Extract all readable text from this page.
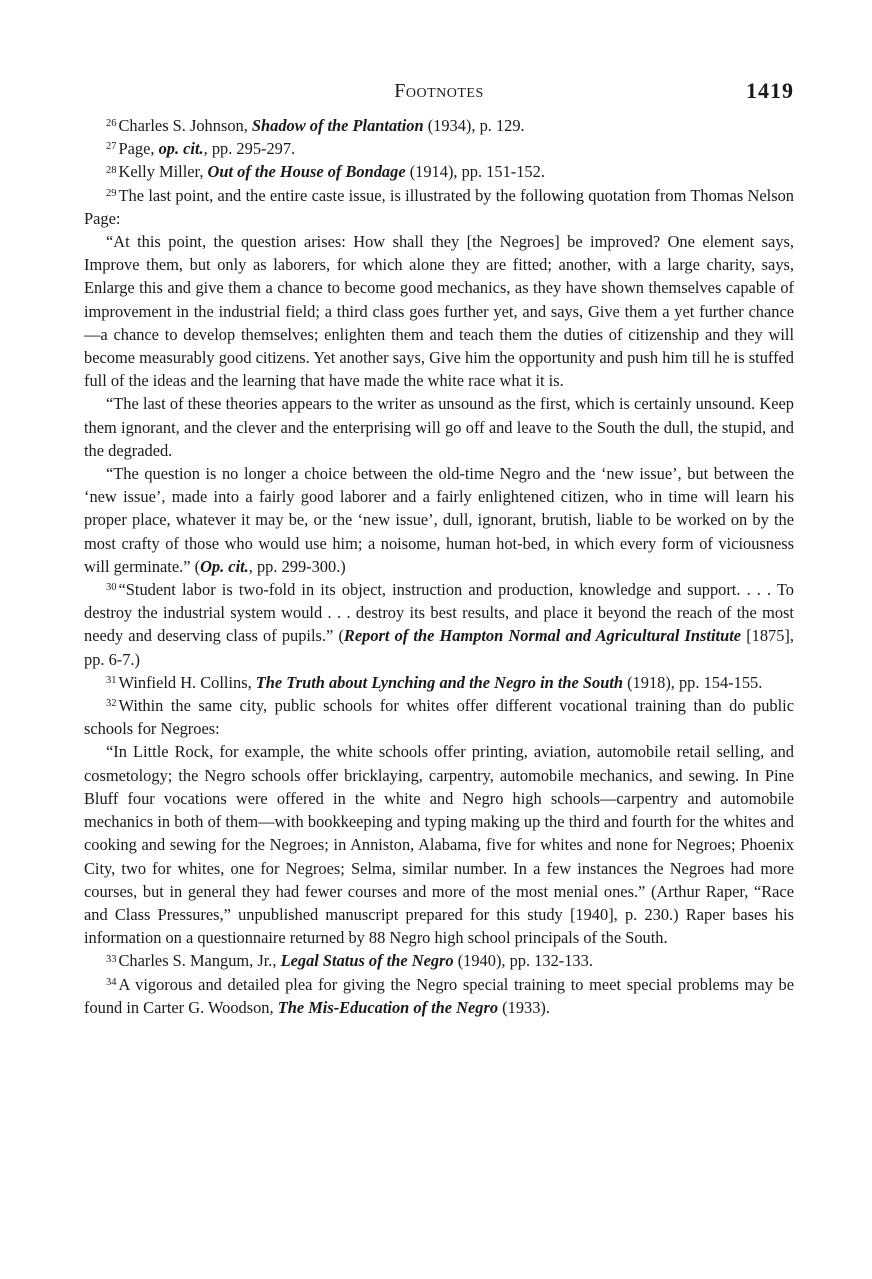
Footnotes	1419

$^{26}$ Charles S. Johnson, Shadow of the Plantation (1934), p. 129.

$^{27}$ Page, op. cit., pp. 295-297.

$^{28}$ Kelly Miller, Out of the House of Bondage (1914), pp. 151-152.

$^{29}$ The last point, and the entire caste issue, is illustrated by the following quotation from Thomas Nelson Page:

“At this point, the question arises: How shall they [the Negroes] be improved? One element says, Improve them, but only as laborers, for which alone they are fitted; another, with a large charity, says, Enlarge this and give them a chance to become good mechanics, as they have shown themselves capable of improvement in the industrial field; a third class goes further yet, and says, Give them a yet further chance—a chance to develop themselves; enlighten them and teach them the duties of citizenship and they will become measurably good citizens. Yet another says, Give him the opportunity and push him till he is stuffed full of the ideas and the learning that have made the white race what it is.

“The last of these theories appears to the writer as unsound as the first, which is certainly unsound. Keep them ignorant, and the clever and the enterprising will go off and leave to the South the dull, the stupid, and the degraded.

“The question is no longer a choice between the old-time Negro and the ‘new issue’, but between the ‘new issue’, made into a fairly good laborer and a fairly enlightened citizen, who in time will learn his proper place, whatever it may be, or the ‘new issue’, dull, ignorant, brutish, liable to be worked on by the most crafty of those who would use him; a noisome, human hot-bed, in which every form of viciousness will germinate.” (Op. cit., pp. 299-300.)

$^{30}$ “Student labor is two-fold in its object, instruction and production, knowledge and support. . . . To destroy the industrial system would . . . destroy its best results, and place it beyond the reach of the most needy and deserving class of pupils.” (Report of the Hampton Normal and Agricultural Institute [1875], pp. 6-7.)

$^{31}$ Winfield H. Collins, The Truth about Lynching and the Negro in the South (1918), pp. 154-155.

$^{32}$ Within the same city, public schools for whites offer different vocational training than do public schools for Negroes:

“In Little Rock, for example, the white schools offer printing, aviation, automobile retail selling, and cosmetology; the Negro schools offer bricklaying, carpentry, automobile mechanics, and sewing. In Pine Bluff four vocations were offered in the white and Negro high schools—carpentry and automobile mechanics in both of them—with bookkeeping and typing making up the third and fourth for the whites and cooking and sewing for the Negroes; in Anniston, Alabama, five for whites and none for Negroes; Phoenix City, two for whites, one for Negroes; Selma, similar number. In a few instances the Negroes had more courses, but in general they had fewer courses and more of the most menial ones.” (Arthur Raper, “Race and Class Pressures,” unpublished manuscript prepared for this study [1940], p. 230.) Raper bases his information on a questionnaire returned by 88 Negro high school principals of the South.

$^{33}$ Charles S. Mangum, Jr., Legal Status of the Negro (1940), pp. 132-133.

$^{34}$ A vigorous and detailed plea for giving the Negro special training to meet special problems may be found in Carter G. Woodson, The Mis-Education of the Negro (1933).
